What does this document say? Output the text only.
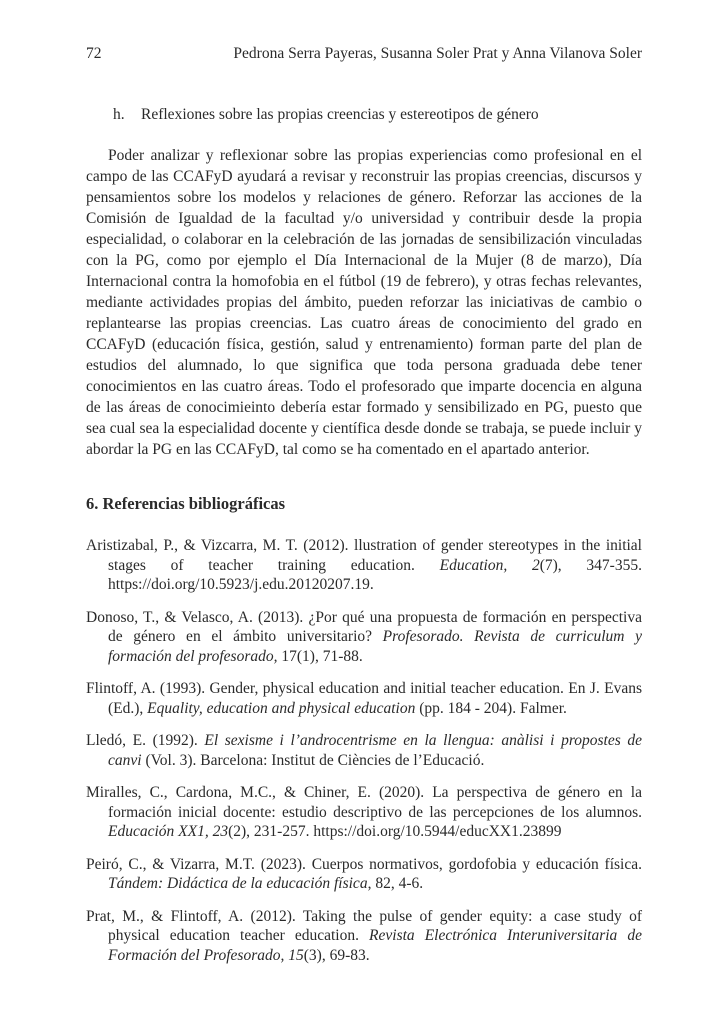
72	Pedrona Serra Payeras, Susanna Soler Prat y Anna Vilanova Soler
h. Reflexiones sobre las propias creencias y estereotipos de género

Poder analizar y reflexionar sobre las propias experiencias como profesional en el campo de las CCAFyD ayudará a revisar y reconstruir las propias creencias, discursos y pensamientos sobre los modelos y relaciones de género. Reforzar las acciones de la Comisión de Igualdad de la facultad y/o universidad y contribuir desde la propia especialidad, o colaborar en la celebración de las jornadas de sensibilización vinculadas con la PG, como por ejemplo el Día Internacional de la Mujer (8 de marzo), Día Internacional contra la homofobia en el fútbol (19 de febrero), y otras fechas relevantes, mediante actividades propias del ámbito, pueden reforzar las iniciativas de cambio o replantearse las propias creencias. Las cuatro áreas de conocimiento del grado en CCAFyD (educación física, gestión, salud y entrenamiento) forman parte del plan de estudios del alumnado, lo que significa que toda persona graduada debe tener conocimientos en las cuatro áreas. Todo el profesorado que imparte docencia en alguna de las áreas de conocimieinto debería estar formado y sensibilizado en PG, puesto que sea cual sea la especialidad docente y científica desde donde se trabaja, se puede incluir y abordar la PG en las CCAFyD, tal como se ha comentado en el apartado anterior.

6. Referencias bibliográficas

Aristizabal, P., & Vizcarra, M. T. (2012). llustration of gender stereotypes in the initial stages of teacher training education. Education, 2(7), 347-355. https://doi.org/10.5923/j.edu.20120207.19.

Donoso, T., & Velasco, A. (2013). ¿Por qué una propuesta de formación en perspectiva de género en el ámbito universitario? Profesorado. Revista de curriculum y formación del profesorado, 17(1), 71-88.

Flintoff, A. (1993). Gender, physical education and initial teacher education. En J. Evans (Ed.), Equality, education and physical education (pp. 184 - 204). Falmer.

Lledó, E. (1992). El sexisme i l’androcentrisme en la llengua: anàlisi i propostes de canvi (Vol. 3). Barcelona: Institut de Ciències de l’Educació.

Miralles, C., Cardona, M.C., & Chiner, E. (2020). La perspectiva de género en la formación inicial docente: estudio descriptivo de las percepciones de los alumnos. Educación XX1, 23(2), 231-257. https://doi.org/10.5944/educXX1.23899

Peiró, C., & Vizarra, M.T. (2023). Cuerpos normativos, gordofobia y educación física. Tándem: Didáctica de la educación física, 82, 4-6.

Prat, M., & Flintoff, A. (2012). Taking the pulse of gender equity: a case study of physical education teacher education. Revista Electrónica Interuniversitaria de Formación del Profesorado, 15(3), 69-83.
